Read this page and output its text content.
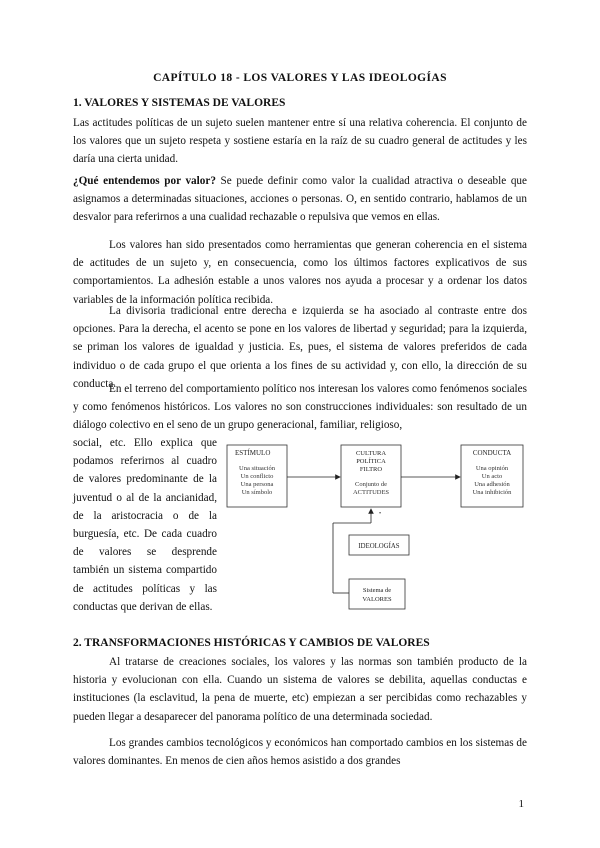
CAPÍTULO 18 - LOS VALORES Y LAS IDEOLOGÍAS
1. VALORES Y SISTEMAS DE VALORES

Las actitudes políticas de un sujeto suelen mantener entre sí una relativa coherencia. El conjunto de los valores que un sujeto respeta y sostiene estaría en la raíz de su cuadro general de actitudes y les daría una cierta unidad.

¿Qué entendemos por valor? Se puede definir como valor la cualidad atractiva o deseable que asignamos a determinadas situaciones, acciones o personas. O, en sentido contrario, hablamos de un desvalor para referirnos a una cualidad rechazable o repulsiva que vemos en ellas.

Los valores han sido presentados como herramientas que generan coherencia en el sistema de actitudes de un sujeto y, en consecuencia, como los últimos factores explicativos de sus comportamientos. La adhesión estable a unos valores nos ayuda a procesar y a ordenar los datos variables de la información política recibida.

La divisoria tradicional entre derecha e izquierda se ha asociado al contraste entre dos opciones. Para la derecha, el acento se pone en los valores de libertad y seguridad; para la izquierda, se priman los valores de igualdad y justicia. Es, pues, el sistema de valores preferidos de cada individuo o de cada grupo el que orienta a los fines de su actividad y, con ello, la dirección de su conducta.

En el terreno del comportamiento político nos interesan los valores como fenómenos sociales y como fenómenos históricos. Los valores no son construcciones individuales: son resultado de un diálogo colectivo en el seno de un grupo generacional, familiar, religioso,

social, etc. Ello explica que podamos referirnos al cuadro de valores predominante de la juventud o al de la ancianidad, de la aristocracia o de la burguesía, etc. De cada cuadro de valores se desprende también un sistema compartido de actitudes políticas y las conductas que derivan de ellas.

ESTÍMULO
Una situación
Un conflicto
Una persona
Un símbolo
CULTURA
POLÍTICA
FILTRO
Conjunto de
ACTITUDES
CONDUCTA
Una opinión
Un acto
Una adhesión
Una inhibición
IDEOLOGÍAS
Sistema de
VALORES
•
2. TRANSFORMACIONES HISTÓRICAS Y CAMBIOS DE VALORES

Al tratarse de creaciones sociales, los valores y las normas son también producto de la historia y evolucionan con ella. Cuando un sistema de valores se debilita, aquellas conductas e instituciones (la esclavitud, la pena de muerte, etc) empiezan a ser percibidas como rechazables y pueden llegar a desaparecer del panorama político de una determinada sociedad.

Los grandes cambios tecnológicos y económicos han comportado cambios en los sistemas de valores dominantes. En menos de cien años hemos asistido a dos grandes

1
